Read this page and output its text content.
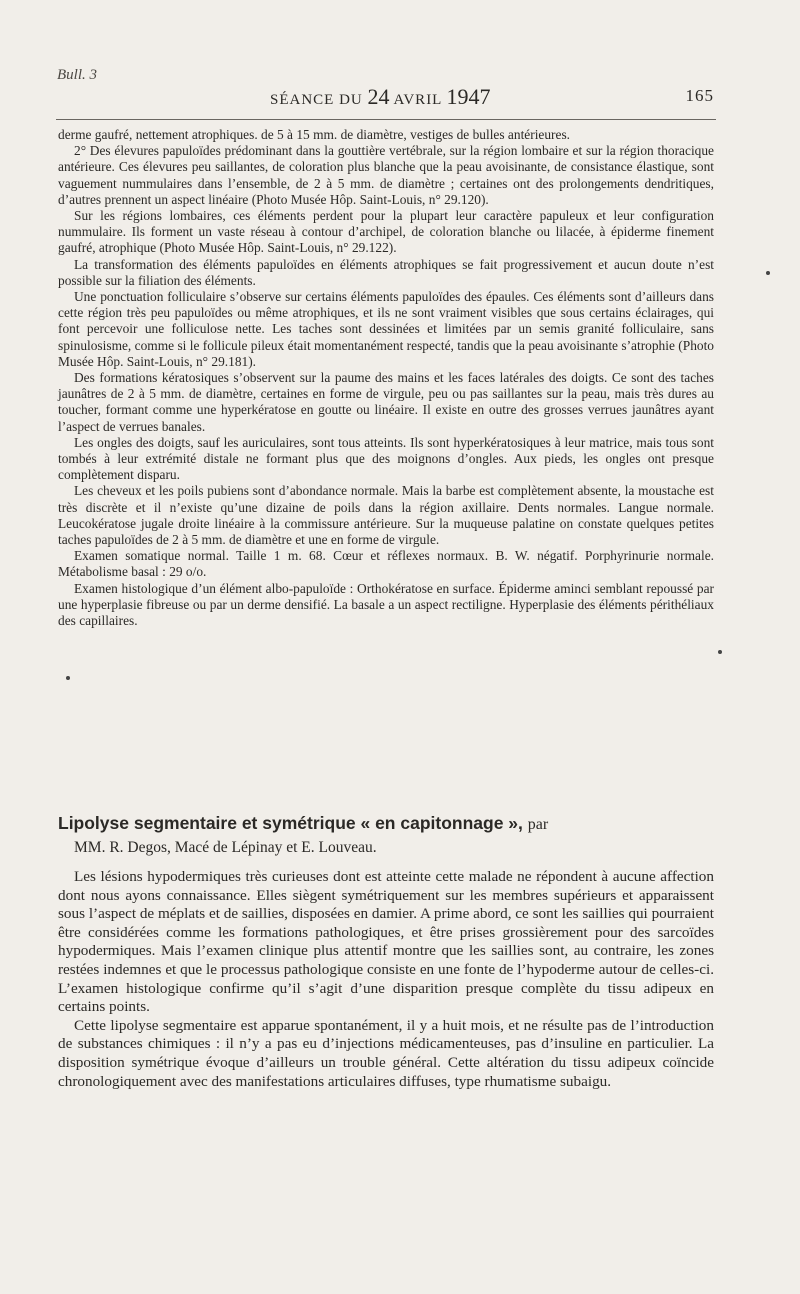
Bull. 3
SÉANCE DU 24 AVRIL 1947	165

derme gaufré, nettement atrophiques. de 5 à 15 mm. de diamètre, vestiges de bulles antérieures.

2° Des élevures papuloïdes prédominant dans la gouttière vertébrale, sur la région lombaire et sur la région thoracique antérieure. Ces élevures peu saillantes, de coloration plus blanche que la peau avoisinante, de consistance élastique, sont vaguement nummulaires dans l’ensemble, de 2 à 5 mm. de diamètre ; certaines ont des prolongements dendritiques, d’autres prennent un aspect linéaire (Photo Musée Hôp. Saint-Louis, n° 29.120).

Sur les régions lombaires, ces éléments perdent pour la plupart leur caractère papuleux et leur configuration nummulaire. Ils forment un vaste réseau à contour d’archipel, de coloration blanche ou lilacée, à épiderme finement gaufré, atrophique (Photo Musée Hôp. Saint-Louis, n° 29.122).

La transformation des éléments papuloïdes en éléments atrophiques se fait progressivement et aucun doute n’est possible sur la filiation des éléments.

Une ponctuation folliculaire s’observe sur certains éléments papuloïdes des épaules. Ces éléments sont d’ailleurs dans cette région très peu papuloïdes ou même atrophiques, et ils ne sont vraiment visibles que sous certains éclairages, qui font percevoir une folliculose nette. Les taches sont dessinées et limitées par un semis granité folliculaire, sans spinulosisme, comme si le follicule pileux était momentanément respecté, tandis que la peau avoisinante s’atrophie (Photo Musée Hôp. Saint-Louis, n° 29.181).

Des formations kératosiques s’observent sur la paume des mains et les faces latérales des doigts. Ce sont des taches jaunâtres de 2 à 5 mm. de diamètre, certaines en forme de virgule, peu ou pas saillantes sur la peau, mais très dures au toucher, formant comme une hyperkératose en goutte ou linéaire. Il existe en outre des grosses verrues jaunâtres ayant l’aspect de verrues banales.

Les ongles des doigts, sauf les auriculaires, sont tous atteints. Ils sont hyperkératosiques à leur matrice, mais tous sont tombés à leur extrémité distale ne formant plus que des moignons d’ongles. Aux pieds, les ongles ont presque complètement disparu.

Les cheveux et les poils pubiens sont d’abondance normale. Mais la barbe est complètement absente, la moustache est très discrète et il n’existe qu’une dizaine de poils dans la région axillaire. Dents normales. Langue normale. Leucokératose jugale droite linéaire à la commissure antérieure. Sur la muqueuse palatine on constate quelques petites taches papuloïdes de 2 à 5 mm. de diamètre et une en forme de virgule.

Examen somatique normal. Taille 1 m. 68. Cœur et réflexes normaux. B. W. négatif. Porphyrinurie normale. Métabolisme basal : 29 o/o.

Examen histologique d’un élément albo-papuloïde : Orthokératose en surface. Épiderme aminci semblant repoussé par une hyperplasie fibreuse ou par un derme densifié. La basale a un aspect rectiligne. Hyperplasie des éléments périthéliaux des capillaires.

Lipolyse segmentaire et symétrique « en capitonnage », par

MM. R. Degos, Macé de Lépinay et E. Louveau.

Les lésions hypodermiques très curieuses dont est atteinte cette malade ne répondent à aucune affection dont nous ayons connaissance. Elles siègent symétriquement sur les membres supérieurs et apparaissent sous l’aspect de méplats et de saillies, disposées en damier. A prime abord, ce sont les saillies qui pourraient être considérées comme les formations pathologiques, et être prises grossièrement pour des sarcoïdes hypodermiques. Mais l’examen clinique plus attentif montre que les saillies sont, au contraire, les zones restées indemnes et que le processus pathologique consiste en une fonte de l’hypoderme autour de celles-ci. L’examen histologique confirme qu’il s’agit d’une disparition presque complète du tissu adipeux en certains points.

Cette lipolyse segmentaire est apparue spontanément, il y a huit mois, et ne résulte pas de l’introduction de substances chimiques : il n’y a pas eu d’injections médicamenteuses, pas d’insuline en particulier. La disposition symétrique évoque d’ailleurs un trouble général. Cette altération du tissu adipeux coïncide chronologiquement avec des manifestations articulaires diffuses, type rhumatisme subaigu.
